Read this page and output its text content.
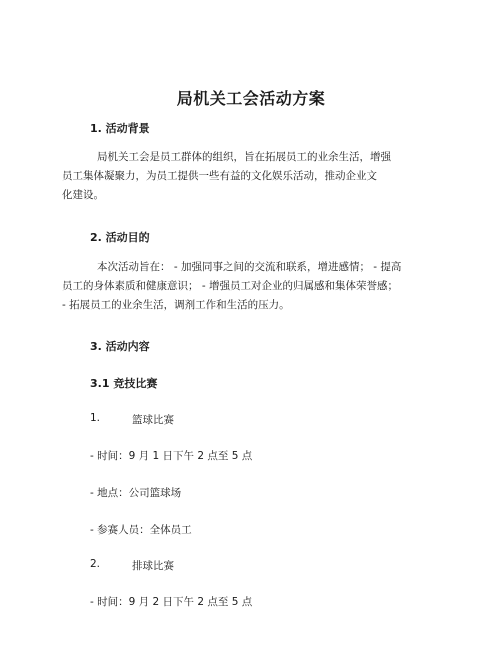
局机关工会活动方案
1. 活动背景
局机关工会是员工群体的组织，旨在拓展员工的业余生活，增强
员工集体凝聚力，为员工提供一些有益的文化娱乐活动，推动企业文
化建设。
2. 活动目的
本次活动旨在： - 加强同事之间的交流和联系，增进感情； - 提高
员工的身体素质和健康意识； - 增强员工对企业的归属感和集体荣誉感；
- 拓展员工的业余生活，调剂工作和生活的压力。
3. 活动内容
3.1 竞技比赛
1.	篮球比赛
- 时间：9 月 1 日下午 2 点至 5 点
- 地点：公司篮球场
- 参赛人员：全体员工
2.	排球比赛
- 时间：9 月 2 日下午 2 点至 5 点
